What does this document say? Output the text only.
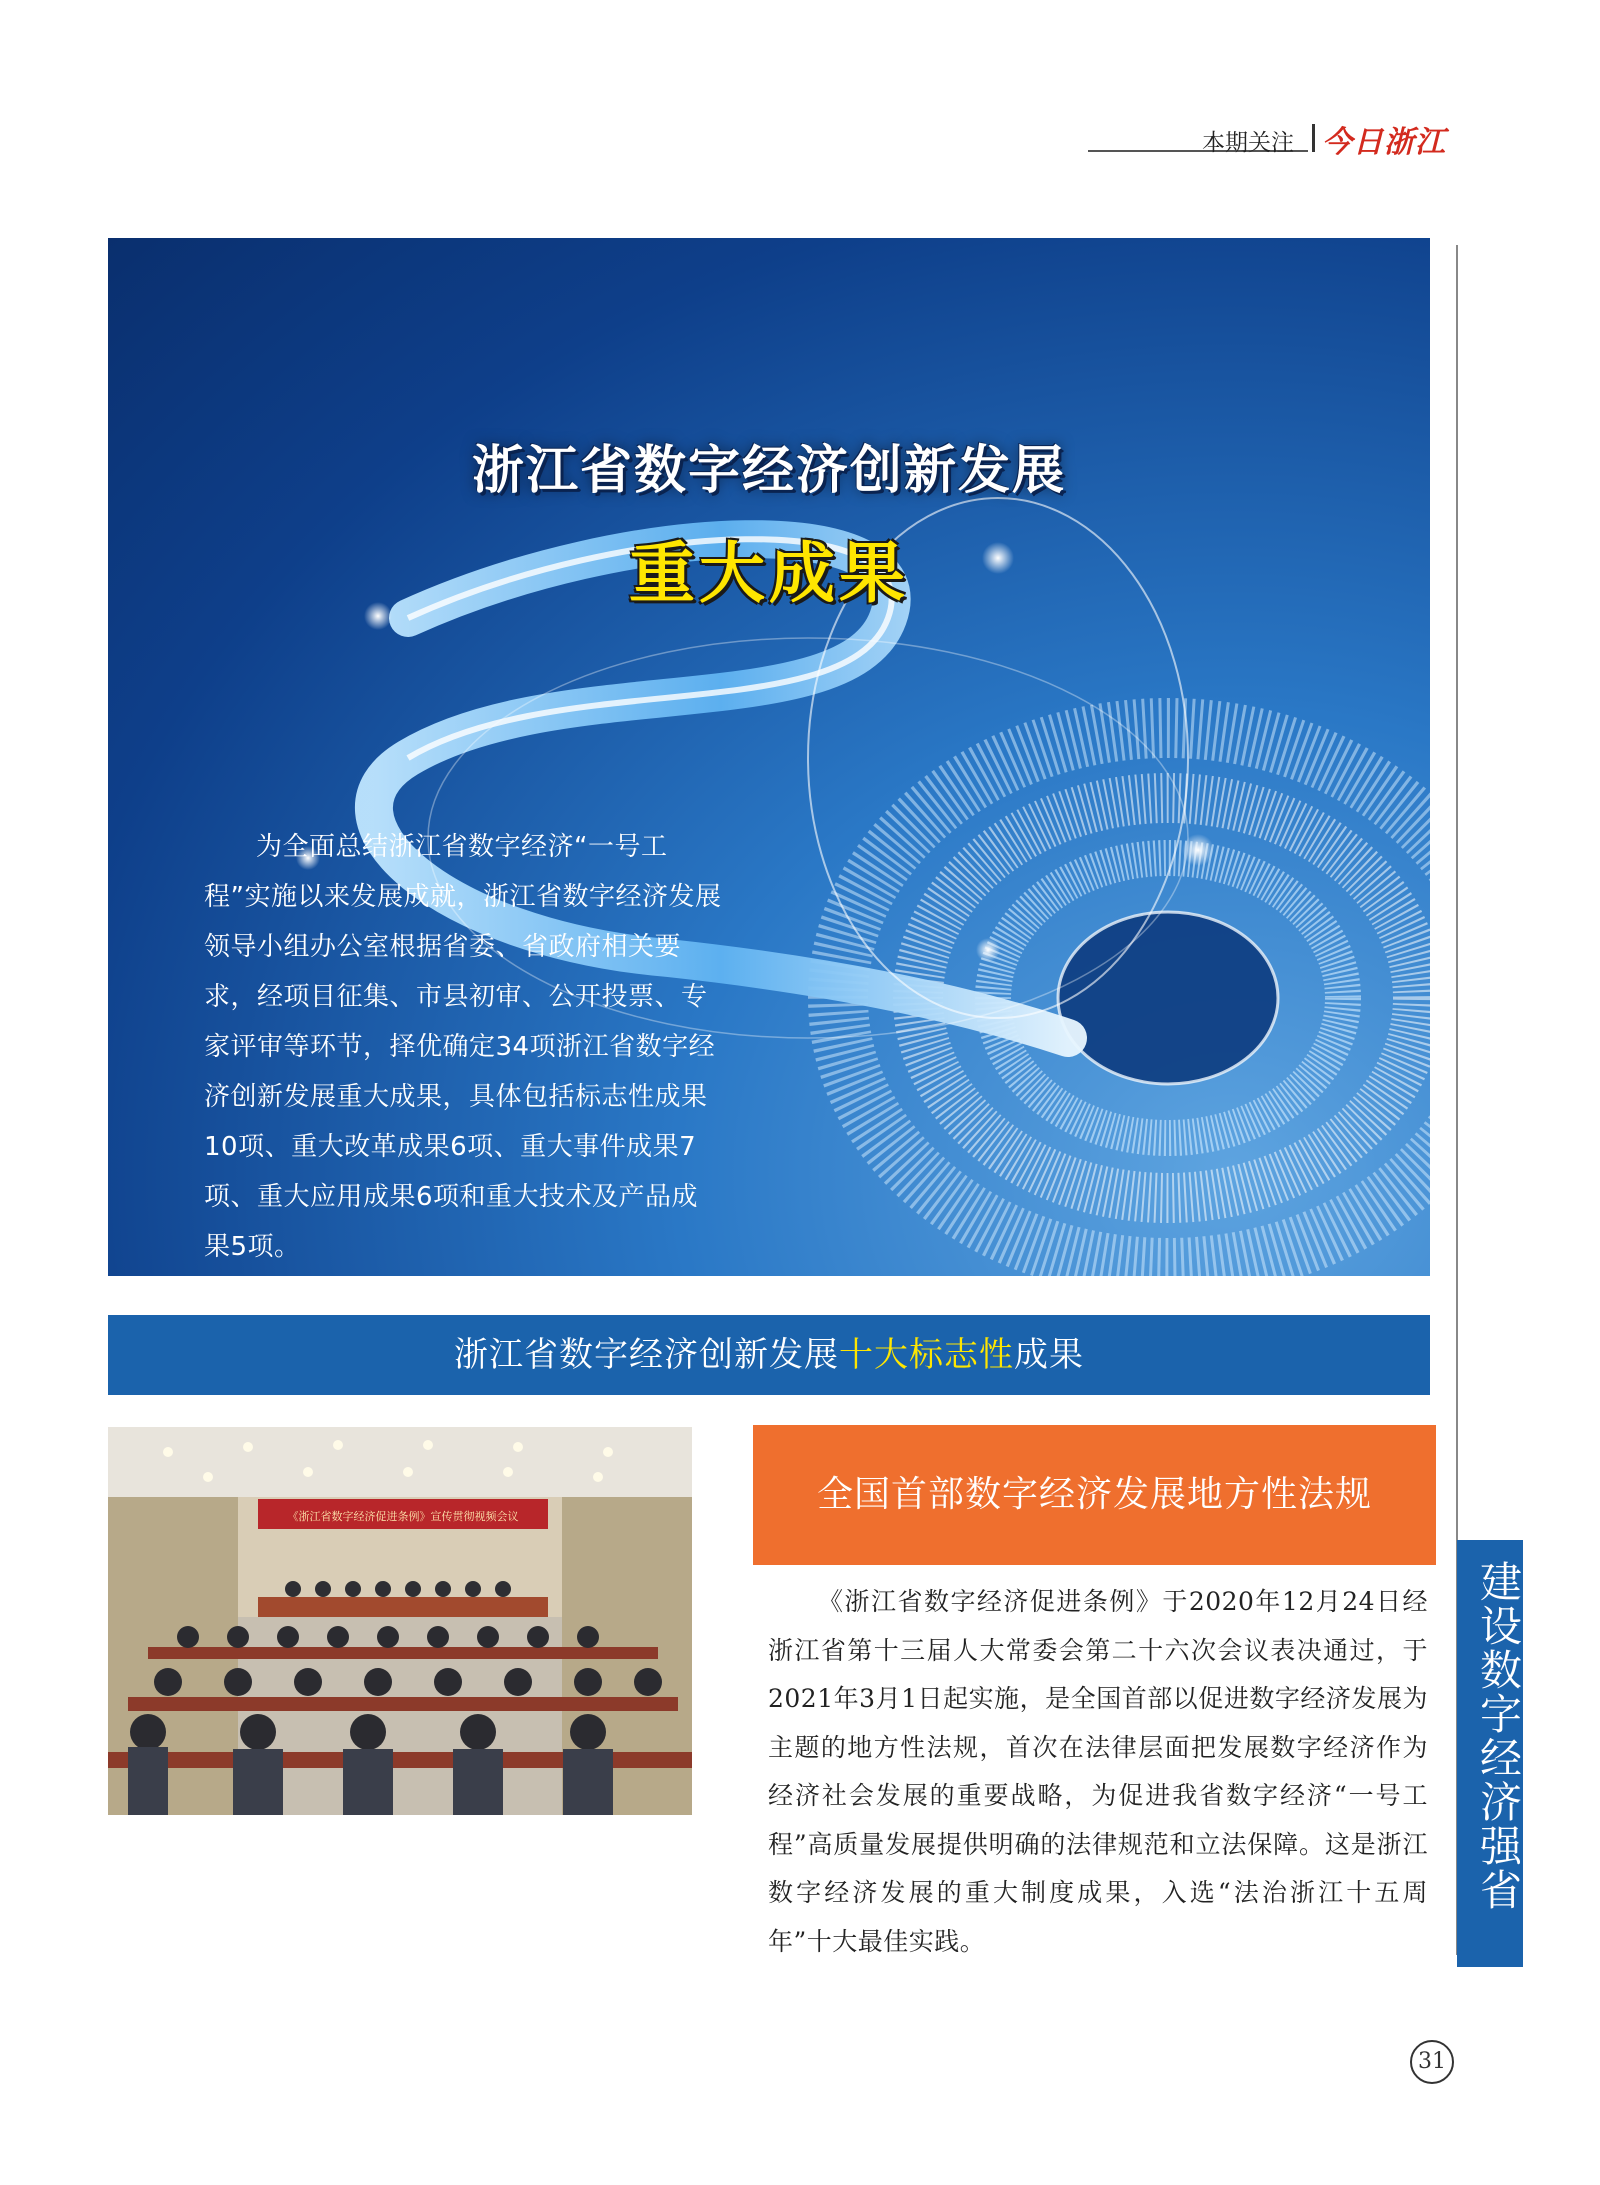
本期关注 今日浙江
建设数字经济强省
浙江省数字经济创新发展
重大成果
为全面总结浙江省数字经济“一号工程”实施以来发展成就，浙江省数字经济发展领导小组办公室根据省委、省政府相关要求，经项目征集、市县初审、公开投票、专家评审等环节，择优确定34项浙江省数字经济创新发展重大成果，具体包括标志性成果10项、重大改革成果6项、重大事件成果7项、重大应用成果6项和重大技术及产品成果5项。
浙江省数字经济创新发展十大标志性成果
《浙江省数字经济促进条例》宣传贯彻视频会议
全国首部数字经济发展地方性法规
《浙江省数字经济促进条例》于2020年12月24日经浙江省第十三届人大常委会第二十六次会议表决通过，于2021年3月1日起实施，是全国首部以促进数字经济发展为主题的地方性法规，首次在法律层面把发展数字经济作为经济社会发展的重要战略，为促进我省数字经济“一号工程”高质量发展提供明确的法律规范和立法保障。这是浙江数字经济发展的重大制度成果，入选“法治浙江十五周年”十大最佳实践。
31
